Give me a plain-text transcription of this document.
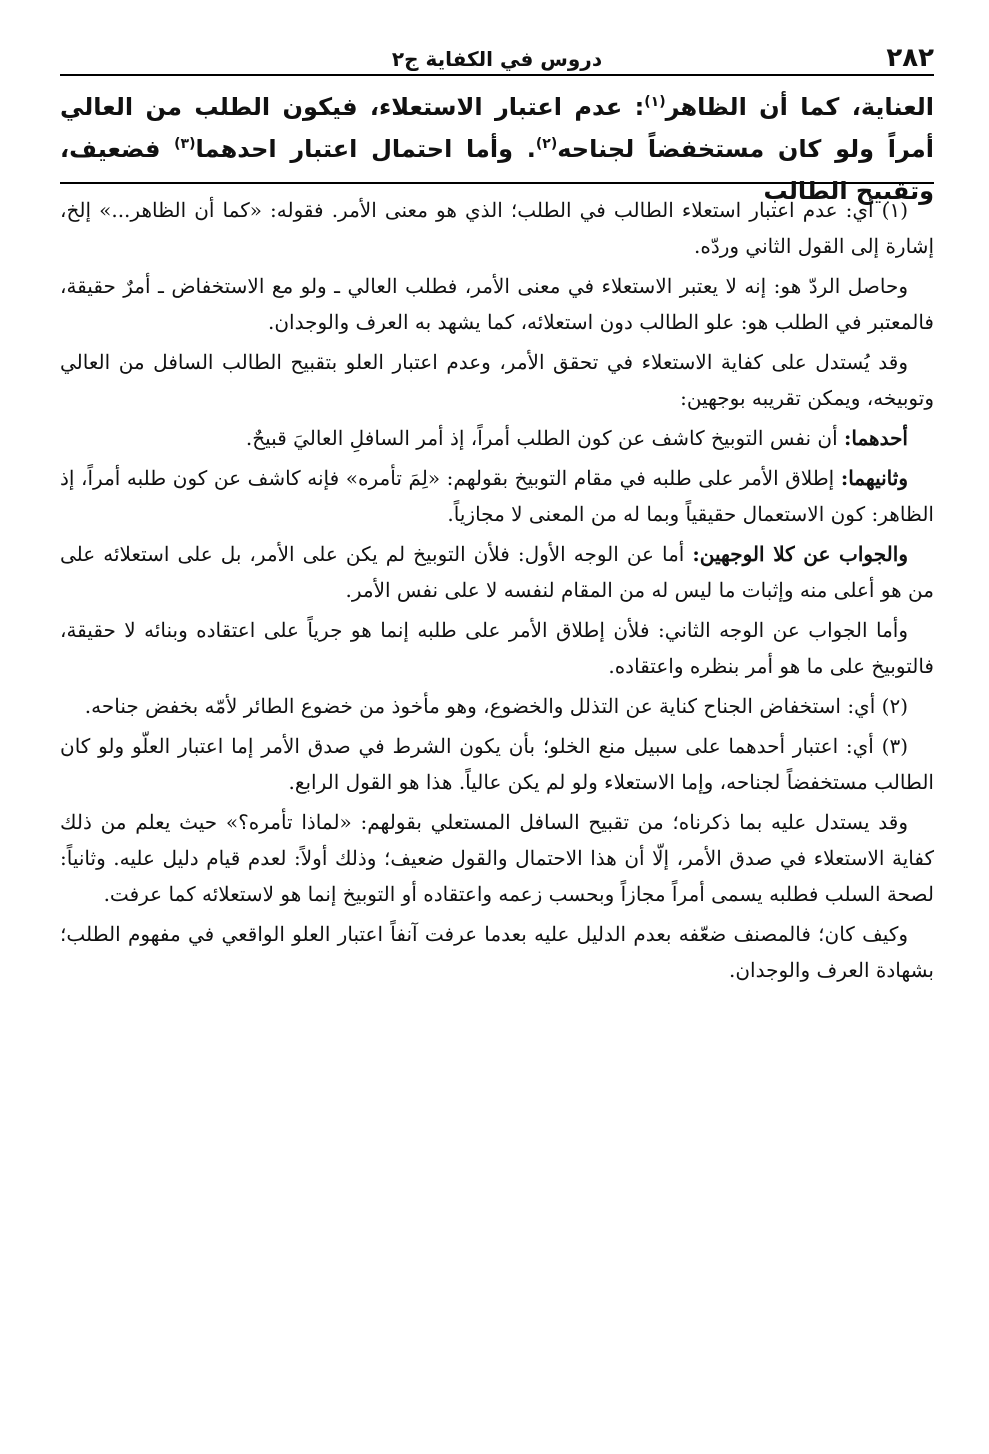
٢٨٢
دروس في الكفاية ج٢

العناية، كما أن الظاهر$^{(١)}$: عدم اعتبار الاستعلاء، فيكون الطلب من العالي أمراً ولو كان مستخفضاً لجناحه$^{(٢)}$. وأما احتمال اعتبار احدهما$^{(٣)}$ فضعيف، وتقبيح الطالب

(١) أي: عدم اعتبار استعلاء الطالب في الطلب؛ الذي هو معنى الأمر. فقوله: «كما أن الظاهر...» إلخ، إشارة إلى القول الثاني وردّه.

وحاصل الردّ هو: إنه لا يعتبر الاستعلاء في معنى الأمر، فطلب العالي ـ ولو مع الاستخفاض ـ أمرٌ حقيقة، فالمعتبر في الطلب هو: علو الطالب دون استعلائه، كما يشهد به العرف والوجدان.

وقد يُستدل على كفاية الاستعلاء في تحقق الأمر، وعدم اعتبار العلو بتقبيح الطالب السافل من العالي وتوبيخه، ويمكن تقريبه بوجهين:

أحدهما: أن نفس التوبيخ كاشف عن كون الطلب أمراً، إذ أمر السافلِ العاليَ قبيحٌ.

وثانيهما: إطلاق الأمر على طلبه في مقام التوبيخ بقولهم: «لِمَ تأمره» فإنه كاشف عن كون طلبه أمراً، إذ الظاهر: كون الاستعمال حقيقياً وبما له من المعنى لا مجازياً.

والجواب عن كلا الوجهين: أما عن الوجه الأول: فلأن التوبيخ لم يكن على الأمر، بل على استعلائه على من هو أعلى منه وإثبات ما ليس له من المقام لنفسه لا على نفس الأمر.

وأما الجواب عن الوجه الثاني: فلأن إطلاق الأمر على طلبه إنما هو جرياً على اعتقاده وبنائه لا حقيقة، فالتوبيخ على ما هو أمر بنظره واعتقاده.

(٢) أي: استخفاض الجناح كناية عن التذلل والخضوع، وهو مأخوذ من خضوع الطائر لأمّه بخفض جناحه.

(٣) أي: اعتبار أحدهما على سبيل منع الخلو؛ بأن يكون الشرط في صدق الأمر إما اعتبار العلّو ولو كان الطالب مستخفضاً لجناحه، وإما الاستعلاء ولو لم يكن عالياً. هذا هو القول الرابع.

وقد يستدل عليه بما ذكرناه؛ من تقبيح السافل المستعلي بقولهم: «لماذا تأمره؟» حيث يعلم من ذلك كفاية الاستعلاء في صدق الأمر، إلّا أن هذا الاحتمال والقول ضعيف؛ وذلك أولاً: لعدم قيام دليل عليه. وثانياً: لصحة السلب فطلبه يسمى أمراً مجازاً وبحسب زعمه واعتقاده أو التوبيخ إنما هو لاستعلائه كما عرفت.

وكيف كان؛ فالمصنف ضعّفه بعدم الدليل عليه بعدما عرفت آنفاً اعتبار العلو الواقعي في مفهوم الطلب؛ بشهادة العرف والوجدان.
